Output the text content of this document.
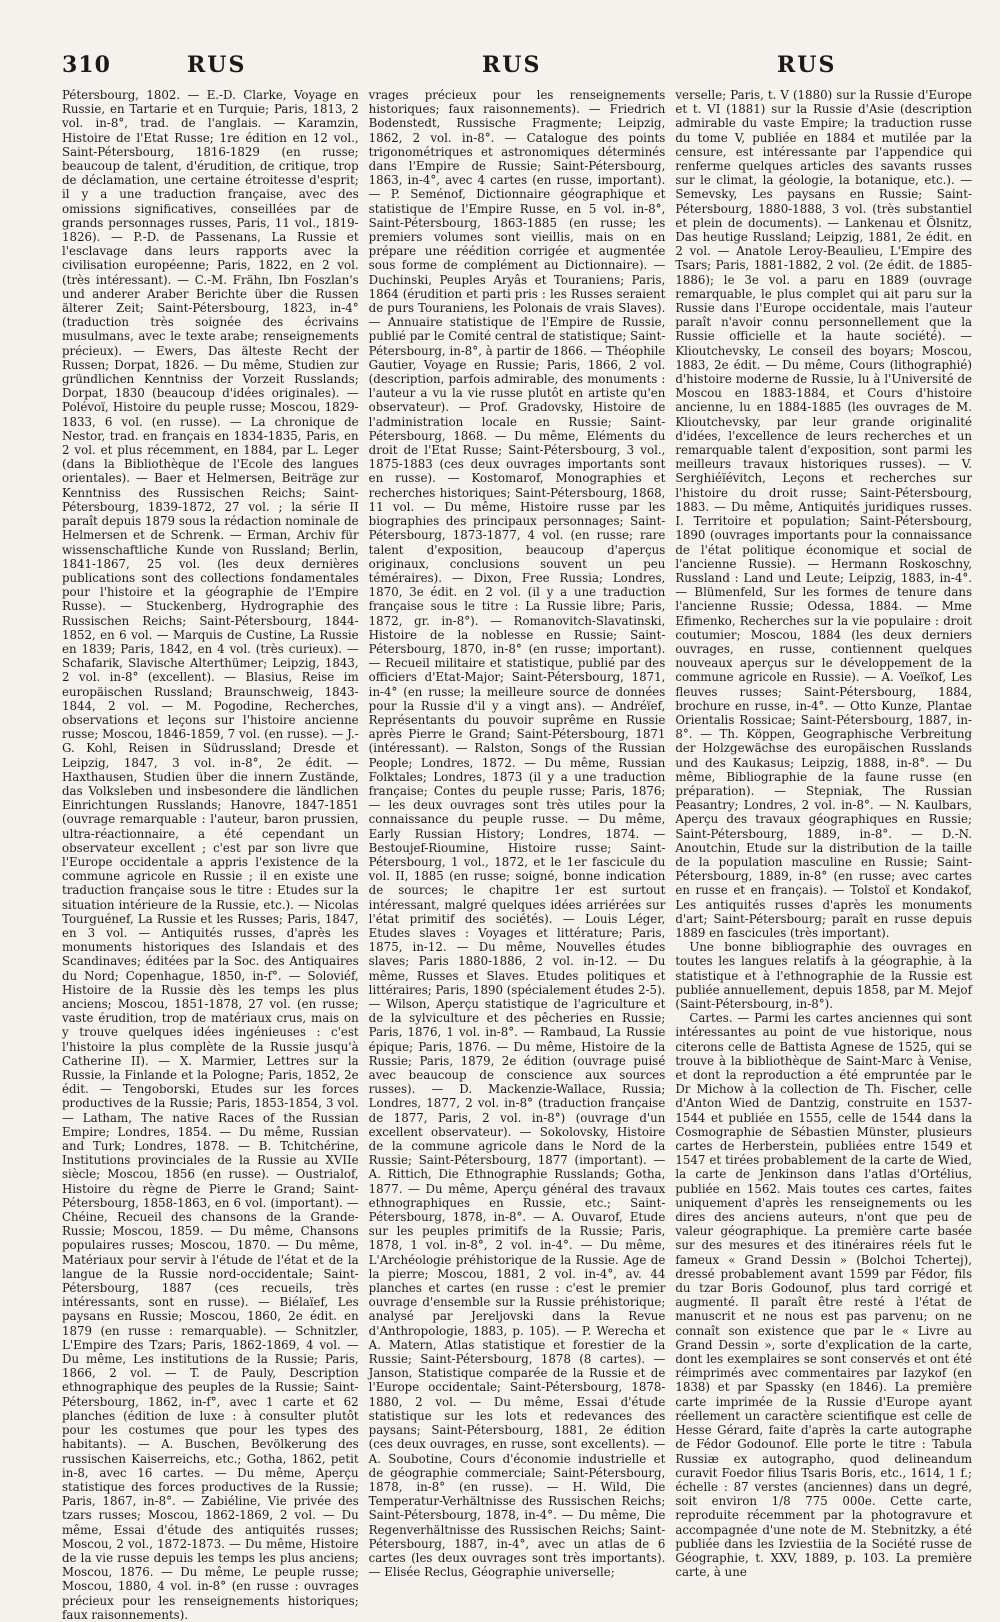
310	RUS	RUS	RUS

Pétersbourg, 1802. — E.-D. Clarke, Voyage en Russie, en Tartarie et en Turquie; Paris, 1813, 2 vol. in-8°, trad. de l'anglais. — Karamzin, Histoire de l'Etat Russe; 1re édition en 12 vol., Saint-Pétersbourg, 1816-1829 (en russe; beaucoup de talent, d'érudition, de critique, trop de déclamation, une certaine étroitesse d'esprit; il y a une traduction française, avec des omissions significatives, conseillées par de grands personnages russes, Paris, 11 vol., 1819-1826). — P.-D. de Passenans, La Russie et l'esclavage dans leurs rapports avec la civilisation européenne; Paris, 1822, en 2 vol. (très intéressant). — C.-M. Frähn, Ibn Foszlan's und anderer Araber Berichte über die Russen älterer Zeit; Saint-Pétersbourg, 1823, in-4° (traduction très soignée des écrivains musulmans, avec le texte arabe; renseignements précieux). — Ewers, Das älteste Recht der Russen; Dorpat, 1826. — Du même, Studien zur gründlichen Kenntniss der Vorzeit Russlands; Dorpat, 1830 (beaucoup d'idées originales). — Polévoï, Histoire du peuple russe; Moscou, 1829-1833, 6 vol. (en russe). — La chronique de Nestor, trad. en français en 1834-1835, Paris, en 2 vol. et plus récemment, en 1884, par L. Leger (dans la Bibliothèque de l'Ecole des langues orientales). — Baer et Helmersen, Beiträge zur Kenntniss des Russischen Reichs; Saint-Pétersbourg, 1839-1872, 27 vol. ; la série II paraît depuis 1879 sous la rédaction nominale de Helmersen et de Schrenk. — Erman, Archiv für wissenschaftliche Kunde von Russland; Berlin, 1841-1867, 25 vol. (les deux dernières publications sont des collections fondamentales pour l'histoire et la géographie de l'Empire Russe). — Stuckenberg, Hydrographie des Russischen Reichs; Saint-Pétersbourg, 1844-1852, en 6 vol. — Marquis de Custine, La Russie en 1839; Paris, 1842, en 4 vol. (très curieux). — Schafarik, Slavische Alterthümer; Leipzig, 1843, 2 vol. in-8° (excellent). — Blasius, Reise im europäischen Russland; Braunschweig, 1843-1844, 2 vol. — M. Pogodine, Recherches, observations et leçons sur l'histoire ancienne russe; Moscou, 1846-1859, 7 vol. (en russe). — J.-G. Kohl, Reisen in Südrussland; Dresde et Leipzig, 1847, 3 vol. in-8°, 2e édit. — Haxthausen, Studien über die innern Zustände, das Volksleben und insbesondere die ländlichen Einrichtungen Russlands; Hanovre, 1847-1851 (ouvrage remarquable : l'auteur, baron prussien, ultra-réactionnaire, a été cependant un observateur excellent ; c'est par son livre que l'Europe occidentale a appris l'existence de la commune agricole en Russie ; il en existe une traduction française sous le titre : Etudes sur la situation intérieure de la Russie, etc.). — Nicolas Tourguénef, La Russie et les Russes; Paris, 1847, en 3 vol. — Antiquités russes, d'après les monuments historiques des Islandais et des Scandinaves; éditées par la Soc. des Antiquaires du Nord; Copenhague, 1850, in-f°. — Soloviéf, Histoire de la Russie dès les temps les plus anciens; Moscou, 1851-1878, 27 vol. (en russe; vaste érudition, trop de matériaux crus, mais on y trouve quelques idées ingénieuses : c'est l'histoire la plus complète de la Russie jusqu'à Catherine II). — X. Marmier, Lettres sur la Russie, la Finlande et la Pologne; Paris, 1852, 2e édit. — Tengoborski, Etudes sur les forces productives de la Russie; Paris, 1853-1854, 3 vol. — Latham, The native Races of the Russian Empire; Londres, 1854. — Du même, Russian and Turk; Londres, 1878. — B. Tchitchérine, Institutions provinciales de la Russie au XVIIe siècle; Moscou, 1856 (en russe). — Oustrialof, Histoire du règne de Pierre le Grand; Saint-Pétersbourg, 1858-1863, en 6 vol. (important). — Chéine, Recueil des chansons de la Grande-Russie; Moscou, 1859. — Du même, Chansons populaires russes; Moscou, 1870. — Du même, Matériaux pour servir à l'étude de l'état et de la langue de la Russie nord-occidentale; Saint-Pétersbourg, 1887 (ces recueils, très intéressants, sont en russe). — Biélaïef, Les paysans en Russie; Moscou, 1860, 2e édit. en 1879 (en russe : remarquable). — Schnitzler, L'Empire des Tzars; Paris, 1862-1869, 4 vol. — Du même, Les institutions de la Russie; Paris, 1866, 2 vol. — T. de Pauly, Description ethnographique des peuples de la Russie; Saint-Pétersbourg, 1862, in-f°, avec 1 carte et 62 planches (édition de luxe : à consulter plutôt pour les costumes que pour les types des habitants). — A. Buschen, Bevölkerung des russischen Kaiserreichs, etc.; Gotha, 1862, petit in-8, avec 16 cartes. — Du même, Aperçu statistique des forces productives de la Russie; Paris, 1867, in-8°. — Zabiéline, Vie privée des tzars russes; Moscou, 1862-1869, 2 vol. — Du même, Essai d'étude des antiquités russes; Moscou, 2 vol., 1872-1873. — Du même, Histoire de la vie russe depuis les temps les plus anciens; Moscou, 1876. — Du même, Le peuple russe; Moscou, 1880, 4 vol. in-8° (en russe : ouvrages précieux pour les renseignements historiques; faux raisonnements).

vrages précieux pour les renseignements historiques; faux raisonnements). — Friedrich Bodenstedt, Russische Fragmente; Leipzig, 1862, 2 vol. in-8°. — Catalogue des points trigonométriques et astronomiques déterminés dans l'Empire de Russie; Saint-Pétersbourg, 1863, in-4°, avec 4 cartes (en russe, important). — P. Seménof, Dictionnaire géographique et statistique de l'Empire Russe, en 5 vol. in-8°, Saint-Pétersbourg, 1863-1885 (en russe; les premiers volumes sont vieillis, mais on en prépare une réédition corrigée et augmentée sous forme de complément au Dictionnaire). — Duchinski, Peuples Aryâs et Touraniens; Paris, 1864 (érudition et parti pris : les Russes seraient de purs Touraniens, les Polonais de vrais Slaves). — Annuaire statistique de l'Empire de Russie, publié par le Comité central de statistique; Saint-Pétersbourg, in-8°, à partir de 1866. — Théophile Gautier, Voyage en Russie; Paris, 1866, 2 vol. (description, parfois admirable, des monuments : l'auteur a vu la vie russe plutôt en artiste qu'en observateur). — Prof. Gradovsky, Histoire de l'administration locale en Russie; Saint-Pétersbourg, 1868. — Du même, Eléments du droit de l'Etat Russe; Saint-Pétersbourg, 3 vol., 1875-1883 (ces deux ouvrages importants sont en russe). — Kostomarof, Monographies et recherches historiques; Saint-Pétersbourg, 1868, 11 vol. — Du même, Histoire russe par les biographies des principaux personnages; Saint-Pétersbourg, 1873-1877, 4 vol. (en russe; rare talent d'exposition, beaucoup d'aperçus originaux, conclusions souvent un peu téméraires). — Dixon, Free Russia; Londres, 1870, 3e édit. en 2 vol. (il y a une traduction française sous le titre : La Russie libre; Paris, 1872, gr. in-8°). — Romanovitch-Slavatinski, Histoire de la noblesse en Russie; Saint-Pétersbourg, 1870, in-8° (en russe; important). — Recueil militaire et statistique, publié par des officiers d'Etat-Major; Saint-Pétersbourg, 1871, in-4° (en russe; la meilleure source de données pour la Russie d'il y a vingt ans). — Andréïef, Représentants du pouvoir suprême en Russie après Pierre le Grand; Saint-Pétersbourg, 1871 (intéressant). — Ralston, Songs of the Russian People; Londres, 1872. — Du même, Russian Folktales; Londres, 1873 (il y a une traduction française; Contes du peuple russe; Paris, 1876; — les deux ouvrages sont très utiles pour la connaissance du peuple russe. — Du même, Early Russian History; Londres, 1874. — Bestoujef-Rioumine, Histoire russe; Saint-Pétersbourg, 1 vol., 1872, et le 1er fascicule du vol. II, 1885 (en russe; soigné, bonne indication de sources; le chapitre 1er est surtout intéressant, malgré quelques idées arriérées sur l'état primitif des sociétés). — Louis Léger, Etudes slaves : Voyages et littérature; Paris, 1875, in-12. — Du même, Nouvelles études slaves; Paris 1880-1886, 2 vol. in-12. — Du même, Russes et Slaves. Etudes politiques et littéraires; Paris, 1890 (spécialement études 2-5). — Wilson, Aperçu statistique de l'agriculture et de la sylviculture et des pêcheries en Russie; Paris, 1876, 1 vol. in-8°. — Rambaud, La Russie épique; Paris, 1876. — Du même, Histoire de la Russie; Paris, 1879, 2e édition (ouvrage puisé avec beaucoup de conscience aux sources russes). — D. Mackenzie-Wallace, Russia; Londres, 1877, 2 vol. in-8° (traduction française de 1877, Paris, 2 vol. in-8°) (ouvrage d'un excellent observateur). — Sokolovsky, Histoire de la commune agricole dans le Nord de la Russie; Saint-Pétersbourg, 1877 (important). — A. Rittich, Die Ethnographie Russlands; Gotha, 1877. — Du même, Aperçu général des travaux ethnographiques en Russie, etc.; Saint-Pétersbourg, 1878, in-8°. — A. Ouvarof, Etude sur les peuples primitifs de la Russie; Paris, 1878, 1 vol. in-8°, 2 vol. in-4°. — Du même, L'Archéologie préhistorique de la Russie. Age de la pierre; Moscou, 1881, 2 vol. in-4°, av. 44 planches et cartes (en russe : c'est le premier ouvrage d'ensemble sur la Russie préhistorique; analysé par Jereljovski dans la Revue d'Anthropologie, 1883, p. 105). — P. Werecha et A. Matern, Atlas statistique et forestier de la Russie; Saint-Pétersbourg, 1878 (8 cartes). — Janson, Statistique comparée de la Russie et de l'Europe occidentale; Saint-Pétersbourg, 1878-1880, 2 vol. — Du même, Essai d'étude statistique sur les lots et redevances des paysans; Saint-Pétersbourg, 1881, 2e édition (ces deux ouvrages, en russe, sont excellents). — A. Soubotine, Cours d'économie industrielle et de géographie commerciale; Saint-Pétersbourg, 1878, in-8° (en russe). — H. Wild, Die Temperatur-Verhältnisse des Russischen Reichs; Saint-Pétersbourg, 1878, in-4°. — Du même, Die Regenverhältnisse des Russischen Reichs; Saint-Pétersbourg, 1887, in-4°, avec un atlas de 6 cartes (les deux ouvrages sont très importants). — Elisée Reclus, Géographie universelle;

verselle; Paris, t. V (1880) sur la Russie d'Europe et t. VI (1881) sur la Russie d'Asie (description admirable du vaste Empire; la traduction russe du tome V, publiée en 1884 et mutilée par la censure, est intéressante par l'appendice qui renferme quelques articles des savants russes sur le climat, la géologie, la botanique, etc.). — Semevsky, Les paysans en Russie; Saint-Pétersbourg, 1880-1888, 3 vol. (très substantiel et plein de documents). — Lankenau et Ölsnitz, Das heutige Russland; Leipzig, 1881, 2e édit. en 2 vol. — Anatole Leroy-Beaulieu, L'Empire des Tsars; Paris, 1881-1882, 2 vol. (2e édit. de 1885-1886); le 3e vol. a paru en 1889 (ouvrage remarquable, le plus complet qui ait paru sur la Russie dans l'Europe occidentale, mais l'auteur paraît n'avoir connu personnellement que la Russie officielle et la haute société). — Klioutchevsky, Le conseil des boyars; Moscou, 1883, 2e édit. — Du même, Cours (lithographié) d'histoire moderne de Russie, lu à l'Université de Moscou en 1883-1884, et Cours d'histoire ancienne, lu en 1884-1885 (les ouvrages de M. Klioutchevsky, par leur grande originalité d'idées, l'excellence de leurs recherches et un remarquable talent d'exposition, sont parmi les meilleurs travaux historiques russes). — V. Serghiéïévitch, Leçons et recherches sur l'histoire du droit russe; Saint-Pétersbourg, 1883. — Du même, Antiquités juridiques russes. I. Territoire et population; Saint-Pétersbourg, 1890 (ouvrages importants pour la connaissance de l'état politique économique et social de l'ancienne Russie). — Hermann Roskoschny, Russland : Land und Leute; Leipzig, 1883, in-4°. — Blümenfeld, Sur les formes de tenure dans l'ancienne Russie; Odessa, 1884. — Mme Efimenko, Recherches sur la vie populaire : droit coutumier; Moscou, 1884 (les deux derniers ouvrages, en russe, contiennent quelques nouveaux aperçus sur le développement de la commune agricole en Russie). — A. Voeïkof, Les fleuves russes; Saint-Pétersbourg, 1884, brochure en russe, in-4°. — Otto Kunze, Plantae Orientalis Rossicae; Saint-Pétersbourg, 1887, in-8°. — Th. Köppen, Geographische Verbreitung der Holzgewächse des europäischen Russlands und des Kaukasus; Leipzig, 1888, in-8°. — Du même, Bibliographie de la faune russe (en préparation). — Stepniak, The Russian Peasantry; Londres, 2 vol. in-8°. — N. Kaulbars, Aperçu des travaux géographiques en Russie; Saint-Pétersbourg, 1889, in-8°. — D.-N. Anoutchin, Etude sur la distribution de la taille de la population masculine en Russie; Saint-Pétersbourg, 1889, in-8° (en russe; avec cartes en russe et en français). — Tolstoï et Kondakof, Les antiquités russes d'après les monuments d'art; Saint-Pétersbourg; paraît en russe depuis 1889 en fascicules (très important).

Une bonne bibliographie des ouvrages en toutes les langues relatifs à la géographie, à la statistique et à l'ethnographie de la Russie est publiée annuellement, depuis 1858, par M. Mejof (Saint-Pétersbourg, in-8°).

Cartes. — Parmi les cartes anciennes qui sont intéressantes au point de vue historique, nous citerons celle de Battista Agnese de 1525, qui se trouve à la bibliothèque de Saint-Marc à Venise, et dont la reproduction a été empruntée par le Dr Michow à la collection de Th. Fischer, celle d'Anton Wied de Dantzig, construite en 1537-1544 et publiée en 1555, celle de 1544 dans la Cosmographie de Sébastien Münster, plusieurs cartes de Herberstein, publiées entre 1549 et 1547 et tirées probablement de la carte de Wied, la carte de Jenkinson dans l'atlas d'Ortélius, publiée en 1562. Mais toutes ces cartes, faites uniquement d'après les renseignements ou les dires des anciens auteurs, n'ont que peu de valeur géographique. La première carte basée sur des mesures et des itinéraires réels fut le fameux « Grand Dessin » (Bolchoi Tchertej), dressé probablement avant 1599 par Fédor, fils du tzar Boris Godounof, plus tard corrigé et augmenté. Il paraît être resté à l'état de manuscrit et ne nous est pas parvenu; on ne connaît son existence que par le « Livre au Grand Dessin », sorte d'explication de la carte, dont les exemplaires se sont conservés et ont été réimprimés avec commentaires par Iazykof (en 1838) et par Spassky (en 1846). La première carte imprimée de la Russie d'Europe ayant réellement un caractère scientifique est celle de Hesse Gérard, faite d'après la carte autographe de Fédor Godounof. Elle porte le titre : Tabula Russiæ ex autographo, quod delineandum curavit Foedor filius Tsaris Boris, etc., 1614, 1 f.; échelle : 87 verstes (anciennes) dans un degré, soit environ 1/8 775 000e. Cette carte, reproduite récemment par la photogravure et accompagnée d'une note de M. Stebnitzky, a été publiée dans les Izviestiia de la Société russe de Géographie, t. XXV, 1889, p. 103. La première carte, à une
